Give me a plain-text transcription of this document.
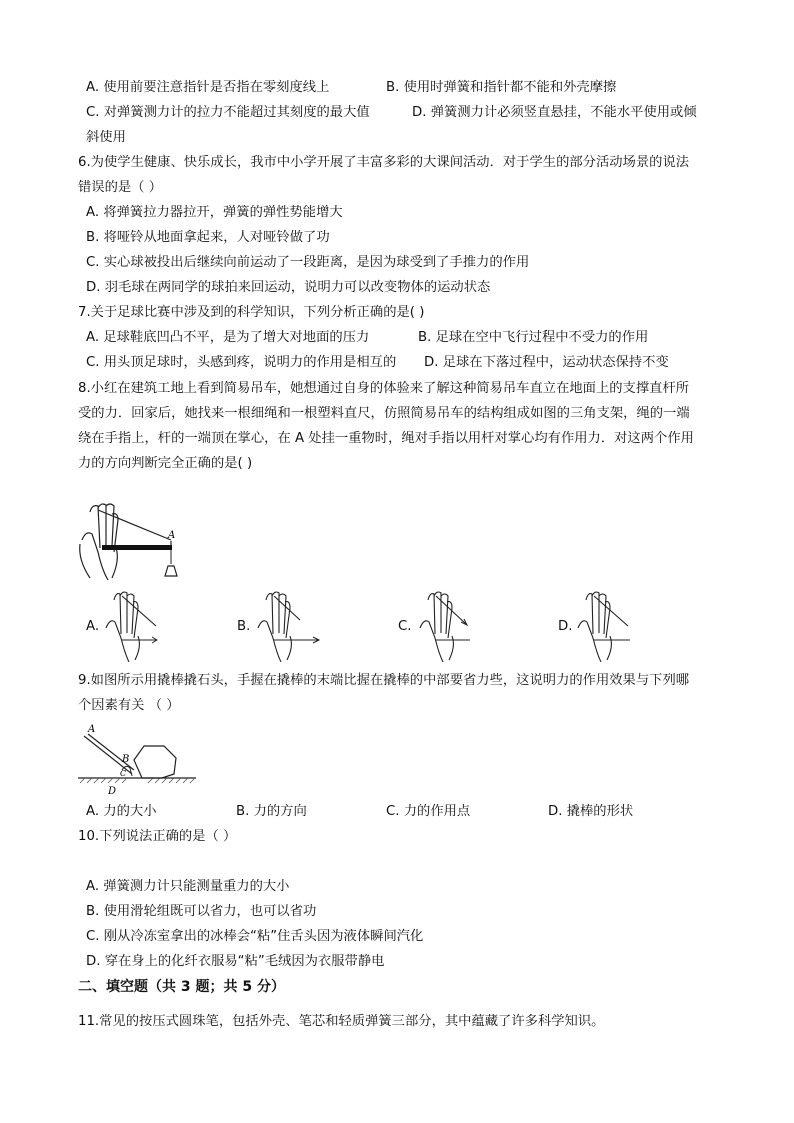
A. 使用前要注意指针是否指在零刻度线上	B. 使用时弹簧和指针都不能和外壳摩擦
C. 对弹簧测力计的拉力不能超过其刻度的最大值	D. 弹簧测力计必须竖直悬挂，不能水平使用或倾
斜使用
6.为使学生健康、快乐成长，我市中小学开展了丰富多彩的大课间活动．对于学生的部分活动场景的说法
错误的是（ ）
A. 将弹簧拉力器拉开，弹簧的弹性势能增大
B. 将哑铃从地面拿起来，人对哑铃做了功
C. 实心球被投出后继续向前运动了一段距离，是因为球受到了手推力的作用
D. 羽毛球在两同学的球拍来回运动，说明力可以改变物体的运动状态
7.关于足球比赛中涉及到的科学知识，下列分析正确的是( )
A. 足球鞋底凹凸不平，是为了增大对地面的压力	B. 足球在空中飞行过程中不受力的作用
C. 用头顶足球时，头感到疼，说明力的作用是相互的 D. 足球在下落过程中，运动状态保持不变
8.小红在建筑工地上看到简易吊车，她想通过自身的体验来了解这种简易吊车直立在地面上的支撑直杆所
受的力．回家后，她找来一根细绳和一根塑料直尺，仿照简易吊车的结构组成如图的三角支架，绳的一端
绕在手指上，杆的一端顶在掌心，在 A 处挂一重物时，绳对手指以用杆对掌心均有作用力．对这两个作用
力的方向判断完全正确的是( )
A
A.	B.	C.	D.
9.如图所示用撬棒撬石头，手握在撬棒的末端比握在撬棒的中部要省力些，这说明力的作用效果与下列哪
个因素有关 （ ）
A
B
C
D
A. 力的大小	B. 力的方向	C. 力的作用点	D. 撬棒的形状
10.下列说法正确的是（ ）
A. 弹簧测力计只能测量重力的大小
B. 使用滑轮组既可以省力，也可以省功
C. 刚从冷冻室拿出的冰棒会“粘”住舌头因为液体瞬间汽化
D. 穿在身上的化纤衣服易“粘”毛绒因为衣服带静电
二、填空题（共 3 题；共 5 分）
11.常见的按压式圆珠笔，包括外壳、笔芯和轻质弹簧三部分，其中蕴藏了许多科学知识。
